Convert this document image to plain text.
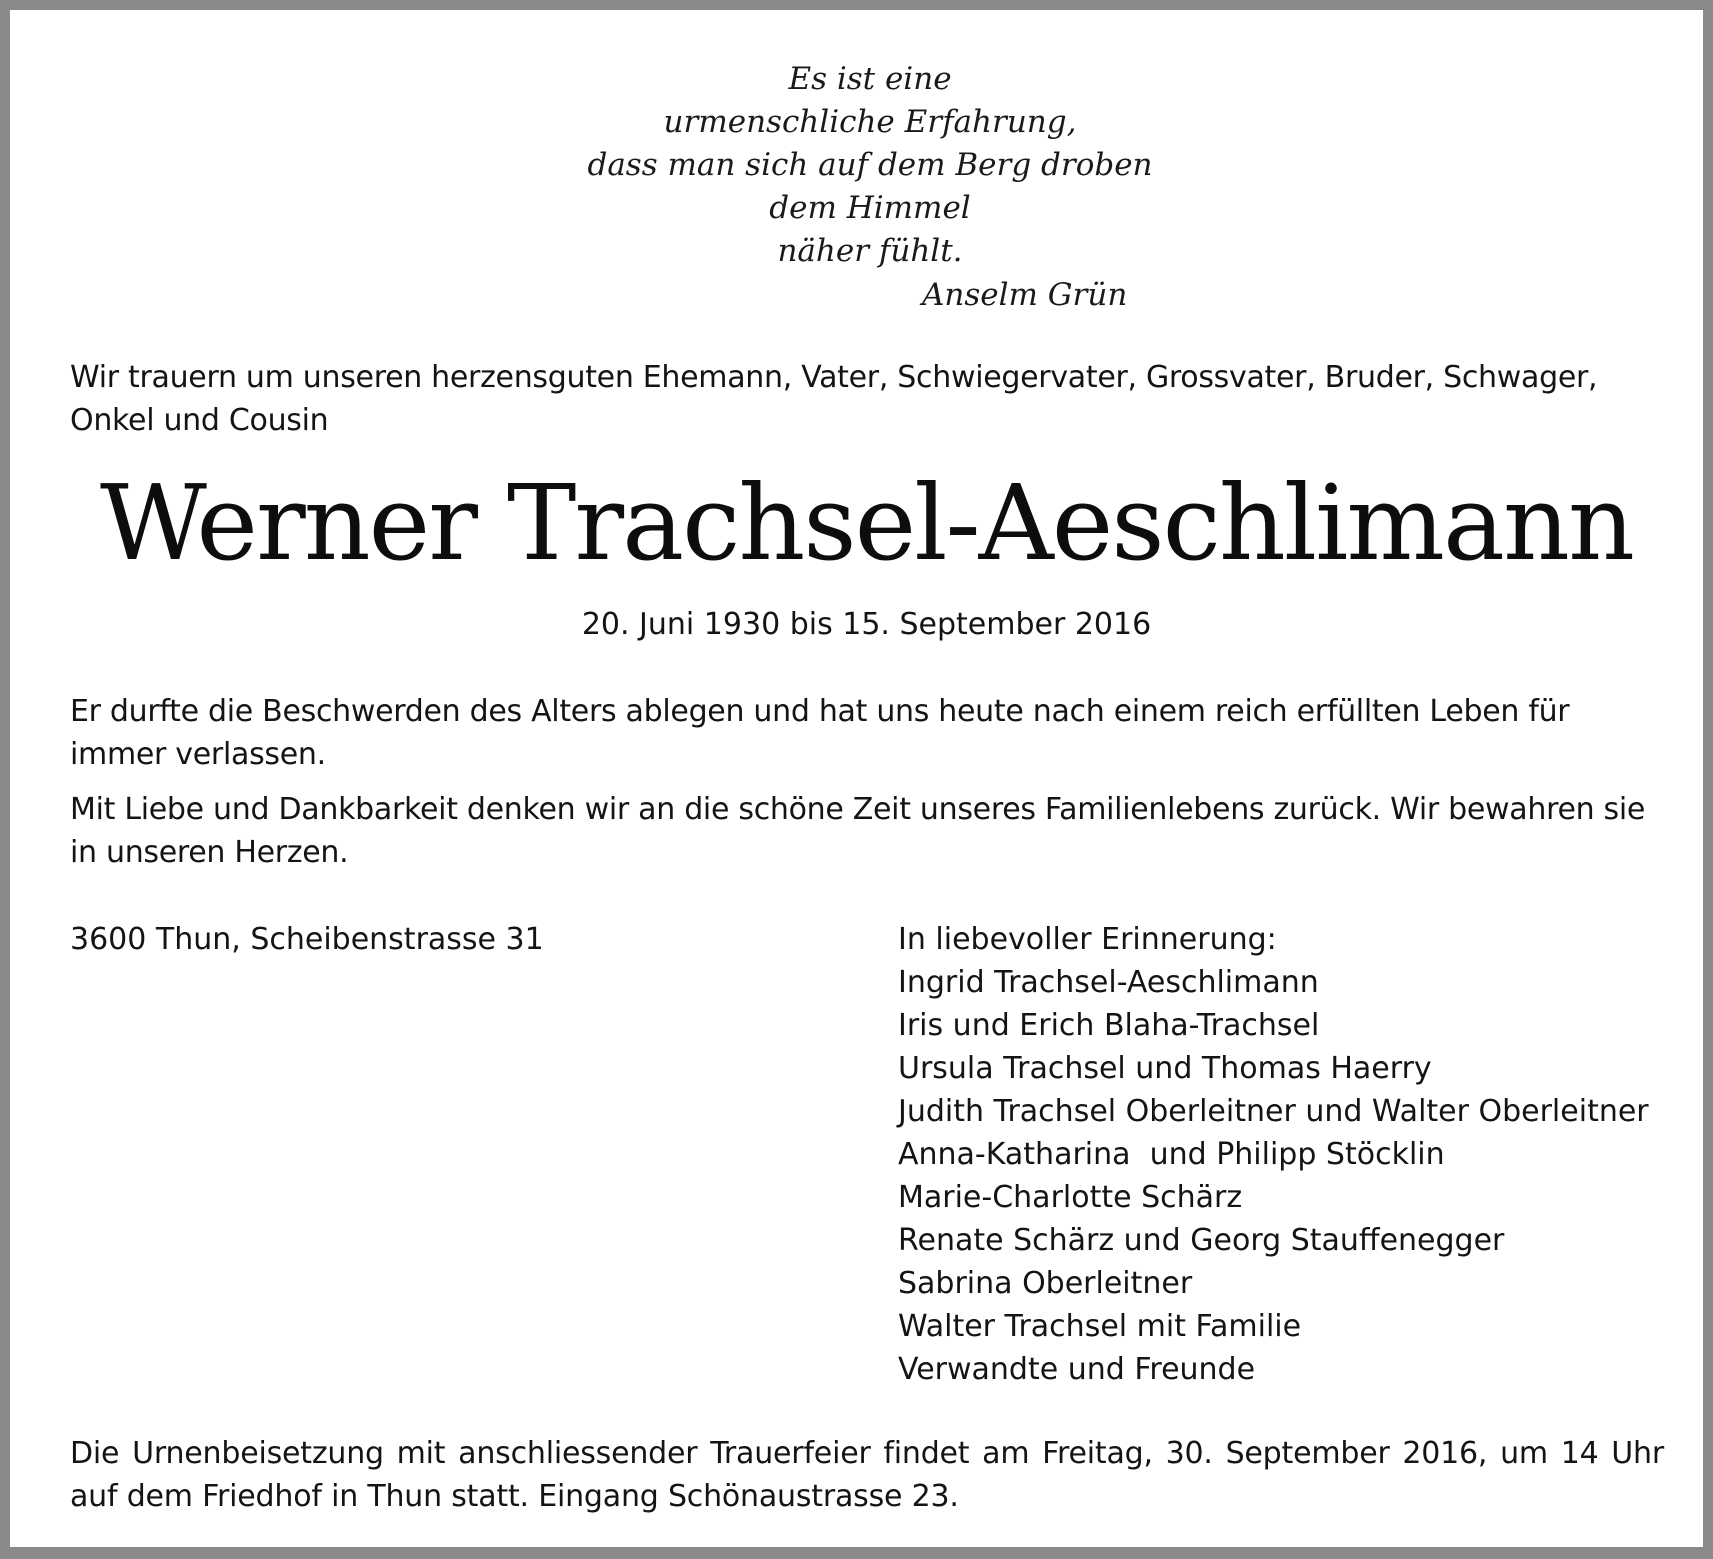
Es ist eine
urmenschliche Erfahrung,
dass man sich auf dem Berg droben
dem Himmel
näher fühlt.
Anselm Grün
Wir trauern um unseren herzensguten Ehemann, Vater, Schwiegervater, Grossvater, Bruder, Schwager, Onkel und Cousin
Werner Trachsel-Aeschlimann
20. Juni 1930 bis 15. September 2016
Er durfte die Beschwerden des Alters ablegen und hat uns heute nach einem reich erfüllten Leben für immer verlassen.
Mit Liebe und Dankbarkeit denken wir an die schöne Zeit unseres Familienlebens zurück. Wir bewahren sie in unseren Herzen.
3600 Thun, Scheibenstrasse 31	In liebevoller Erinnerung:
Ingrid Trachsel-Aeschlimann
Iris und Erich Blaha-Trachsel
Ursula Trachsel und Thomas Haerry
Judith Trachsel Oberleitner und Walter Oberleitner
Anna-Katharina  und Philipp Stöcklin
Marie-Charlotte Schärz
Renate Schärz und Georg Stauffenegger
Sabrina Oberleitner
Walter Trachsel mit Familie
Verwandte und Freunde
Die Urnenbeisetzung mit anschliessender Trauerfeier findet am Freitag, 30. September 2016, um 14 Uhr auf dem Friedhof in Thun statt. Eingang Schönaustrasse 23.
